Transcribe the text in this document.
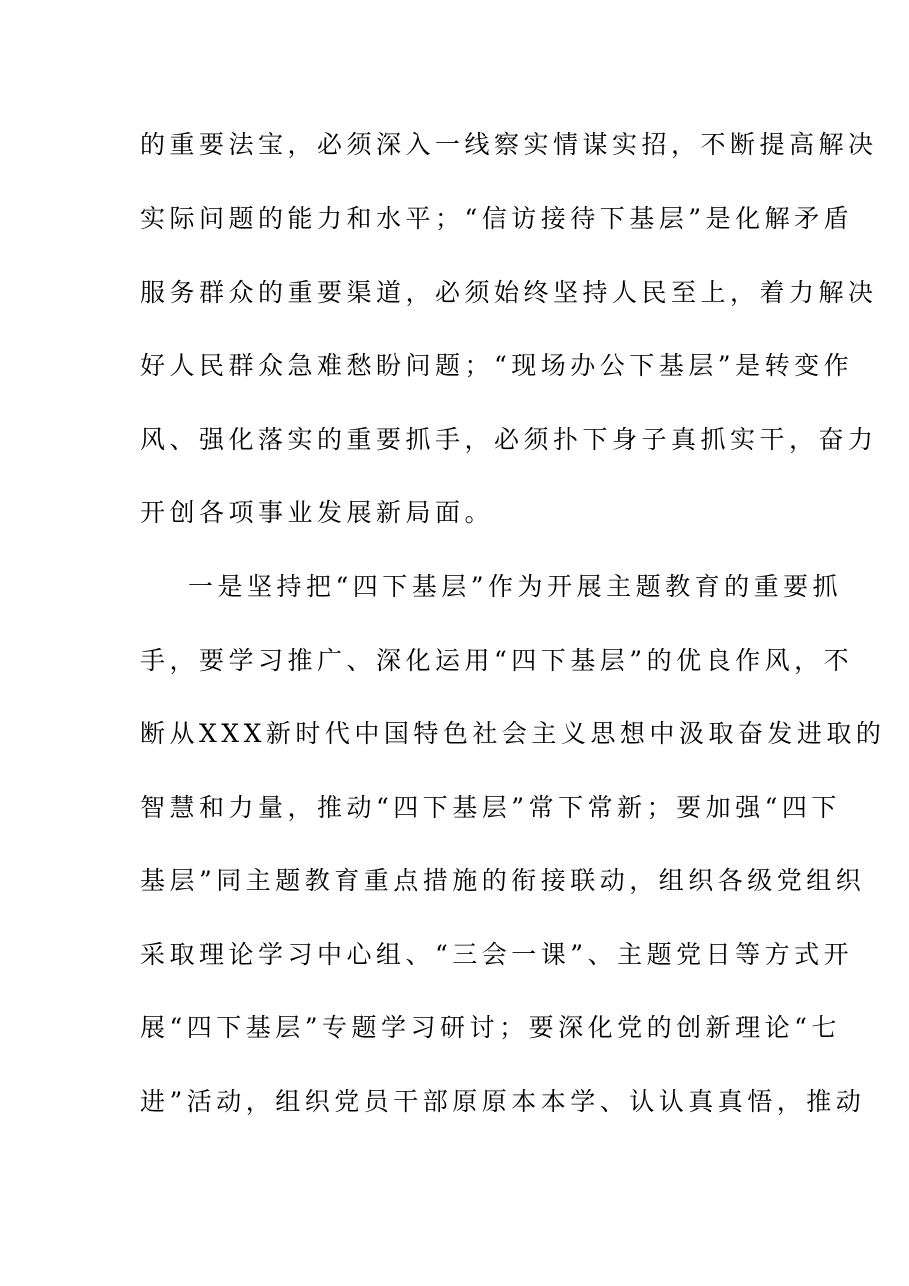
的重要法宝，必须深入一线察实情谋实招，不断提高解决
实际问题的能力和水平；“信访接待下基层”是化解矛盾
服务群众的重要渠道，必须始终坚持人民至上，着力解决
好人民群众急难愁盼问题；“现场办公下基层”是转变作
风、强化落实的重要抓手，必须扑下身子真抓实干，奋力
开创各项事业发展新局面。
一是坚持把“四下基层”作为开展主题教育的重要抓
手，要学习推广、深化运用“四下基层”的优良作风，不
断从XXX新时代中国特色社会主义思想中汲取奋发进取的
智慧和力量，推动“四下基层”常下常新；要加强“四下
基层”同主题教育重点措施的衔接联动，组织各级党组织
采取理论学习中心组、“三会一课”、主题党日等方式开
展“四下基层”专题学习研讨；要深化党的创新理论“七
进”活动，组织党员干部原原本本学、认认真真悟，推动
